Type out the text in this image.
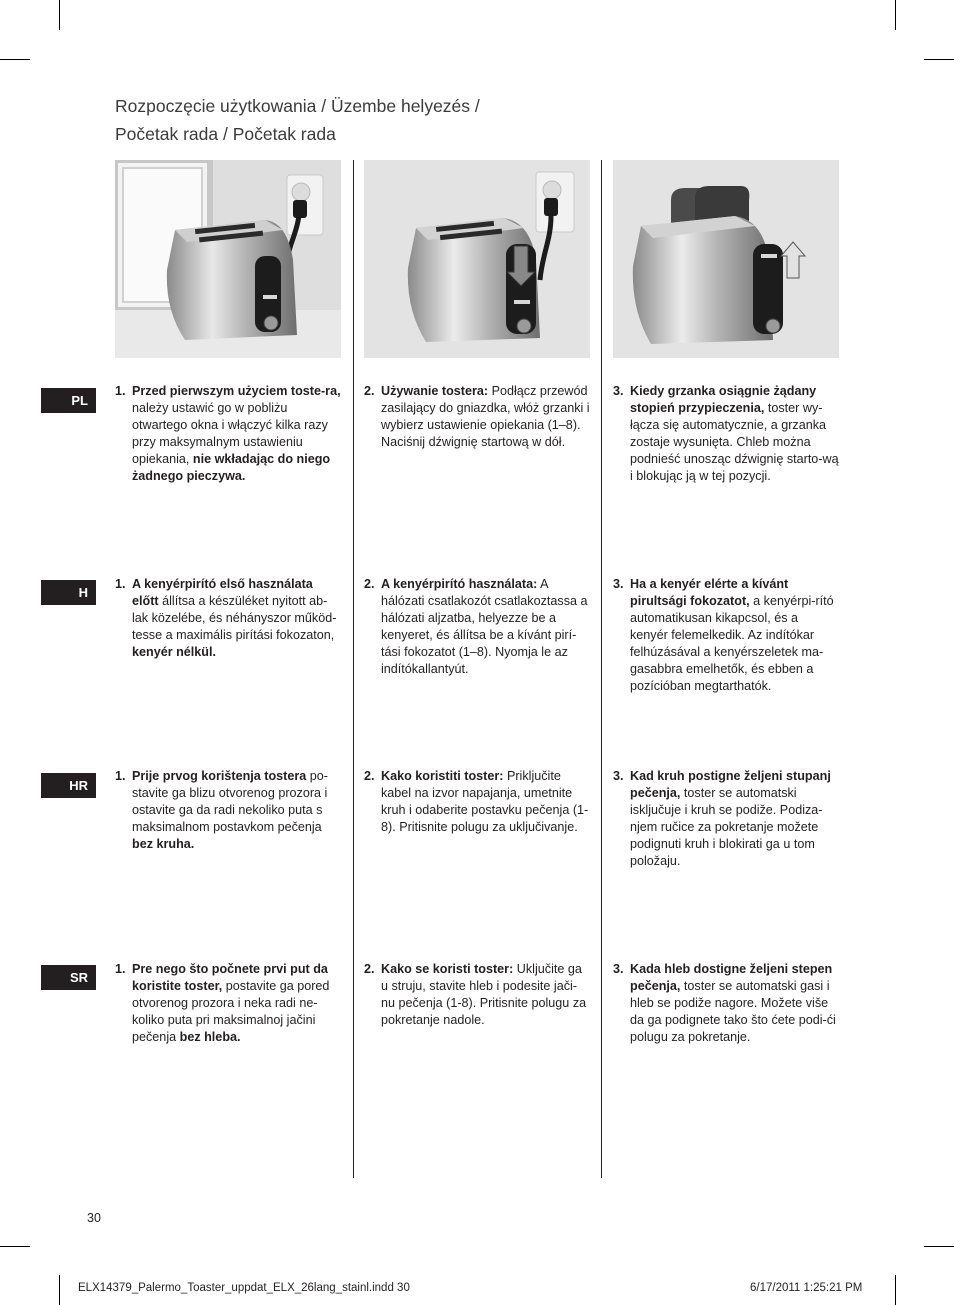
Rozpoczęcie użytkowania / Üzembe helyezés /
Početak rada / Početak rada
PL
H
HR
SR
1. Przed pierwszym użyciem toste-ra, należy ustawić go w pobliżu otwartego okna i włączyć kilka razy przy maksymalnym ustawieniu opiekania, nie wkładając do niego żadnego pieczywa.
2. Używanie tostera: Podłącz przewód zasilający do gniazdka, włóż grzanki i wybierz ustawienie opiekania (1–8). Naciśnij dźwignię startową w dół.
3. Kiedy grzanka osiągnie żądany stopień przypieczenia, toster wy-łącza się automatycznie, a grzanka zostaje wysunięta. Chleb można podnieść unosząc dźwignię starto-wą i blokując ją w tej pozycji.
1. A kenyérpirító első használata előtt állítsa a készüléket nyitott ab-lak közelébe, és néhányszor működ-tesse a maximális pirítási fokozaton, kenyér nélkül.
2. A kenyérpirító használata: A hálózati csatlakozót csatlakoztassa a hálózati aljzatba, helyezze be a kenyeret, és állítsa be a kívánt pirí-tási fokozatot (1–8). Nyomja le az indítókallantyút.
3. Ha a kenyér elérte a kívánt pirultsági fokozatot, a kenyérpi-rító automatikusan kikapcsol, és a kenyér felemelkedik. Az indítókar felhúzásával a kenyérszeletek ma-gasabbra emelhetők, és ebben a pozícióban megtarthatók.
1. Prije prvog korištenja tostera po-stavite ga blizu otvorenog prozora i ostavite ga da radi nekoliko puta s maksimalnom postavkom pečenja bez kruha.
2. Kako koristiti toster: Priključite kabel na izvor napajanja, umetnite kruh i odaberite postavku pečenja (1-8). Pritisnite polugu za uključivanje.
3. Kad kruh postigne željeni stupanj pečenja, toster se automatski isključuje i kruh se podiže. Podiza-njem ručice za pokretanje možete podignuti kruh i blokirati ga u tom položaju.
1. Pre nego što počnete prvi put da koristite toster, postavite ga pored otvorenog prozora i neka radi ne-koliko puta pri maksimalnoj jačini pečenja bez hleba.
2. Kako se koristi toster: Uključite ga u struju, stavite hleb i podesite jači-nu pečenja (1-8). Pritisnite polugu za pokretanje nadole.
3. Kada hleb dostigne željeni stepen pečenja, toster se automatski gasi i hleb se podiže nagore. Možete više da ga podignete tako što ćete podi-ći polugu za pokretanje.
30
ELX14379_Palermo_Toaster_uppdat_ELX_26lang_stainl.indd 30	6/17/2011 1:25:21 PM
